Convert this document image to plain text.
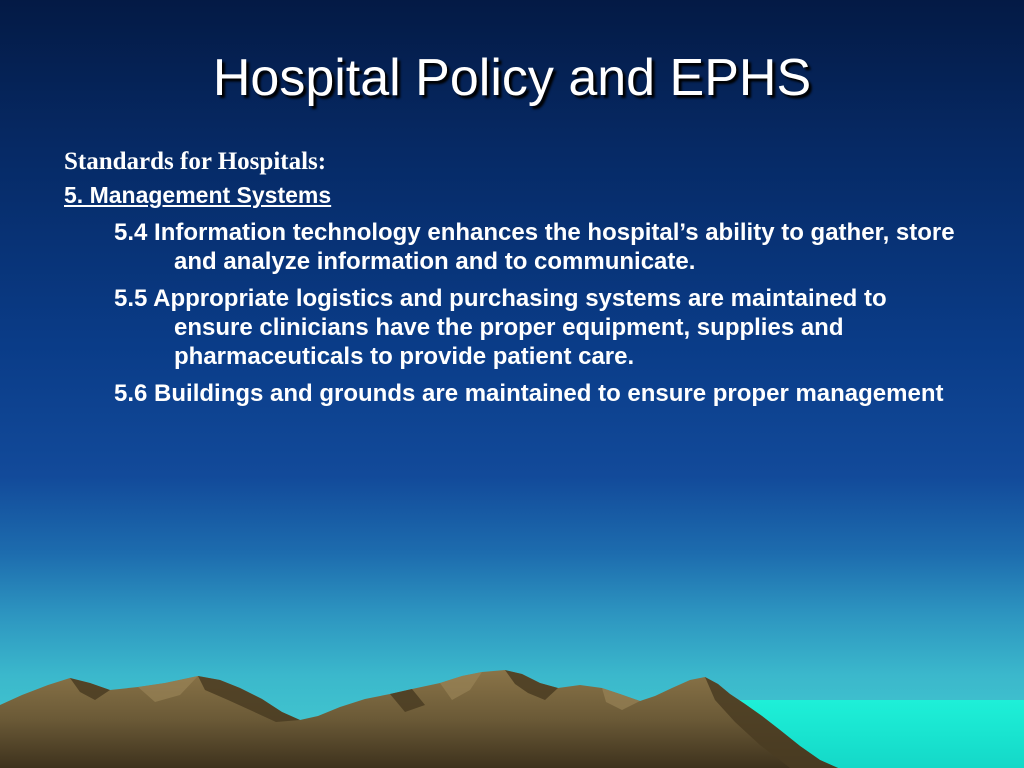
Hospital Policy and EPHS

Standards for Hospitals:

5. Management Systems

5.4 Information technology enhances the hospital’s ability to gather, store and analyze information and to communicate.

5.5 Appropriate logistics and purchasing systems are maintained to ensure clinicians have the proper equipment, supplies and pharmaceuticals to provide patient care.

5.6 Buildings and grounds are maintained to ensure proper management
